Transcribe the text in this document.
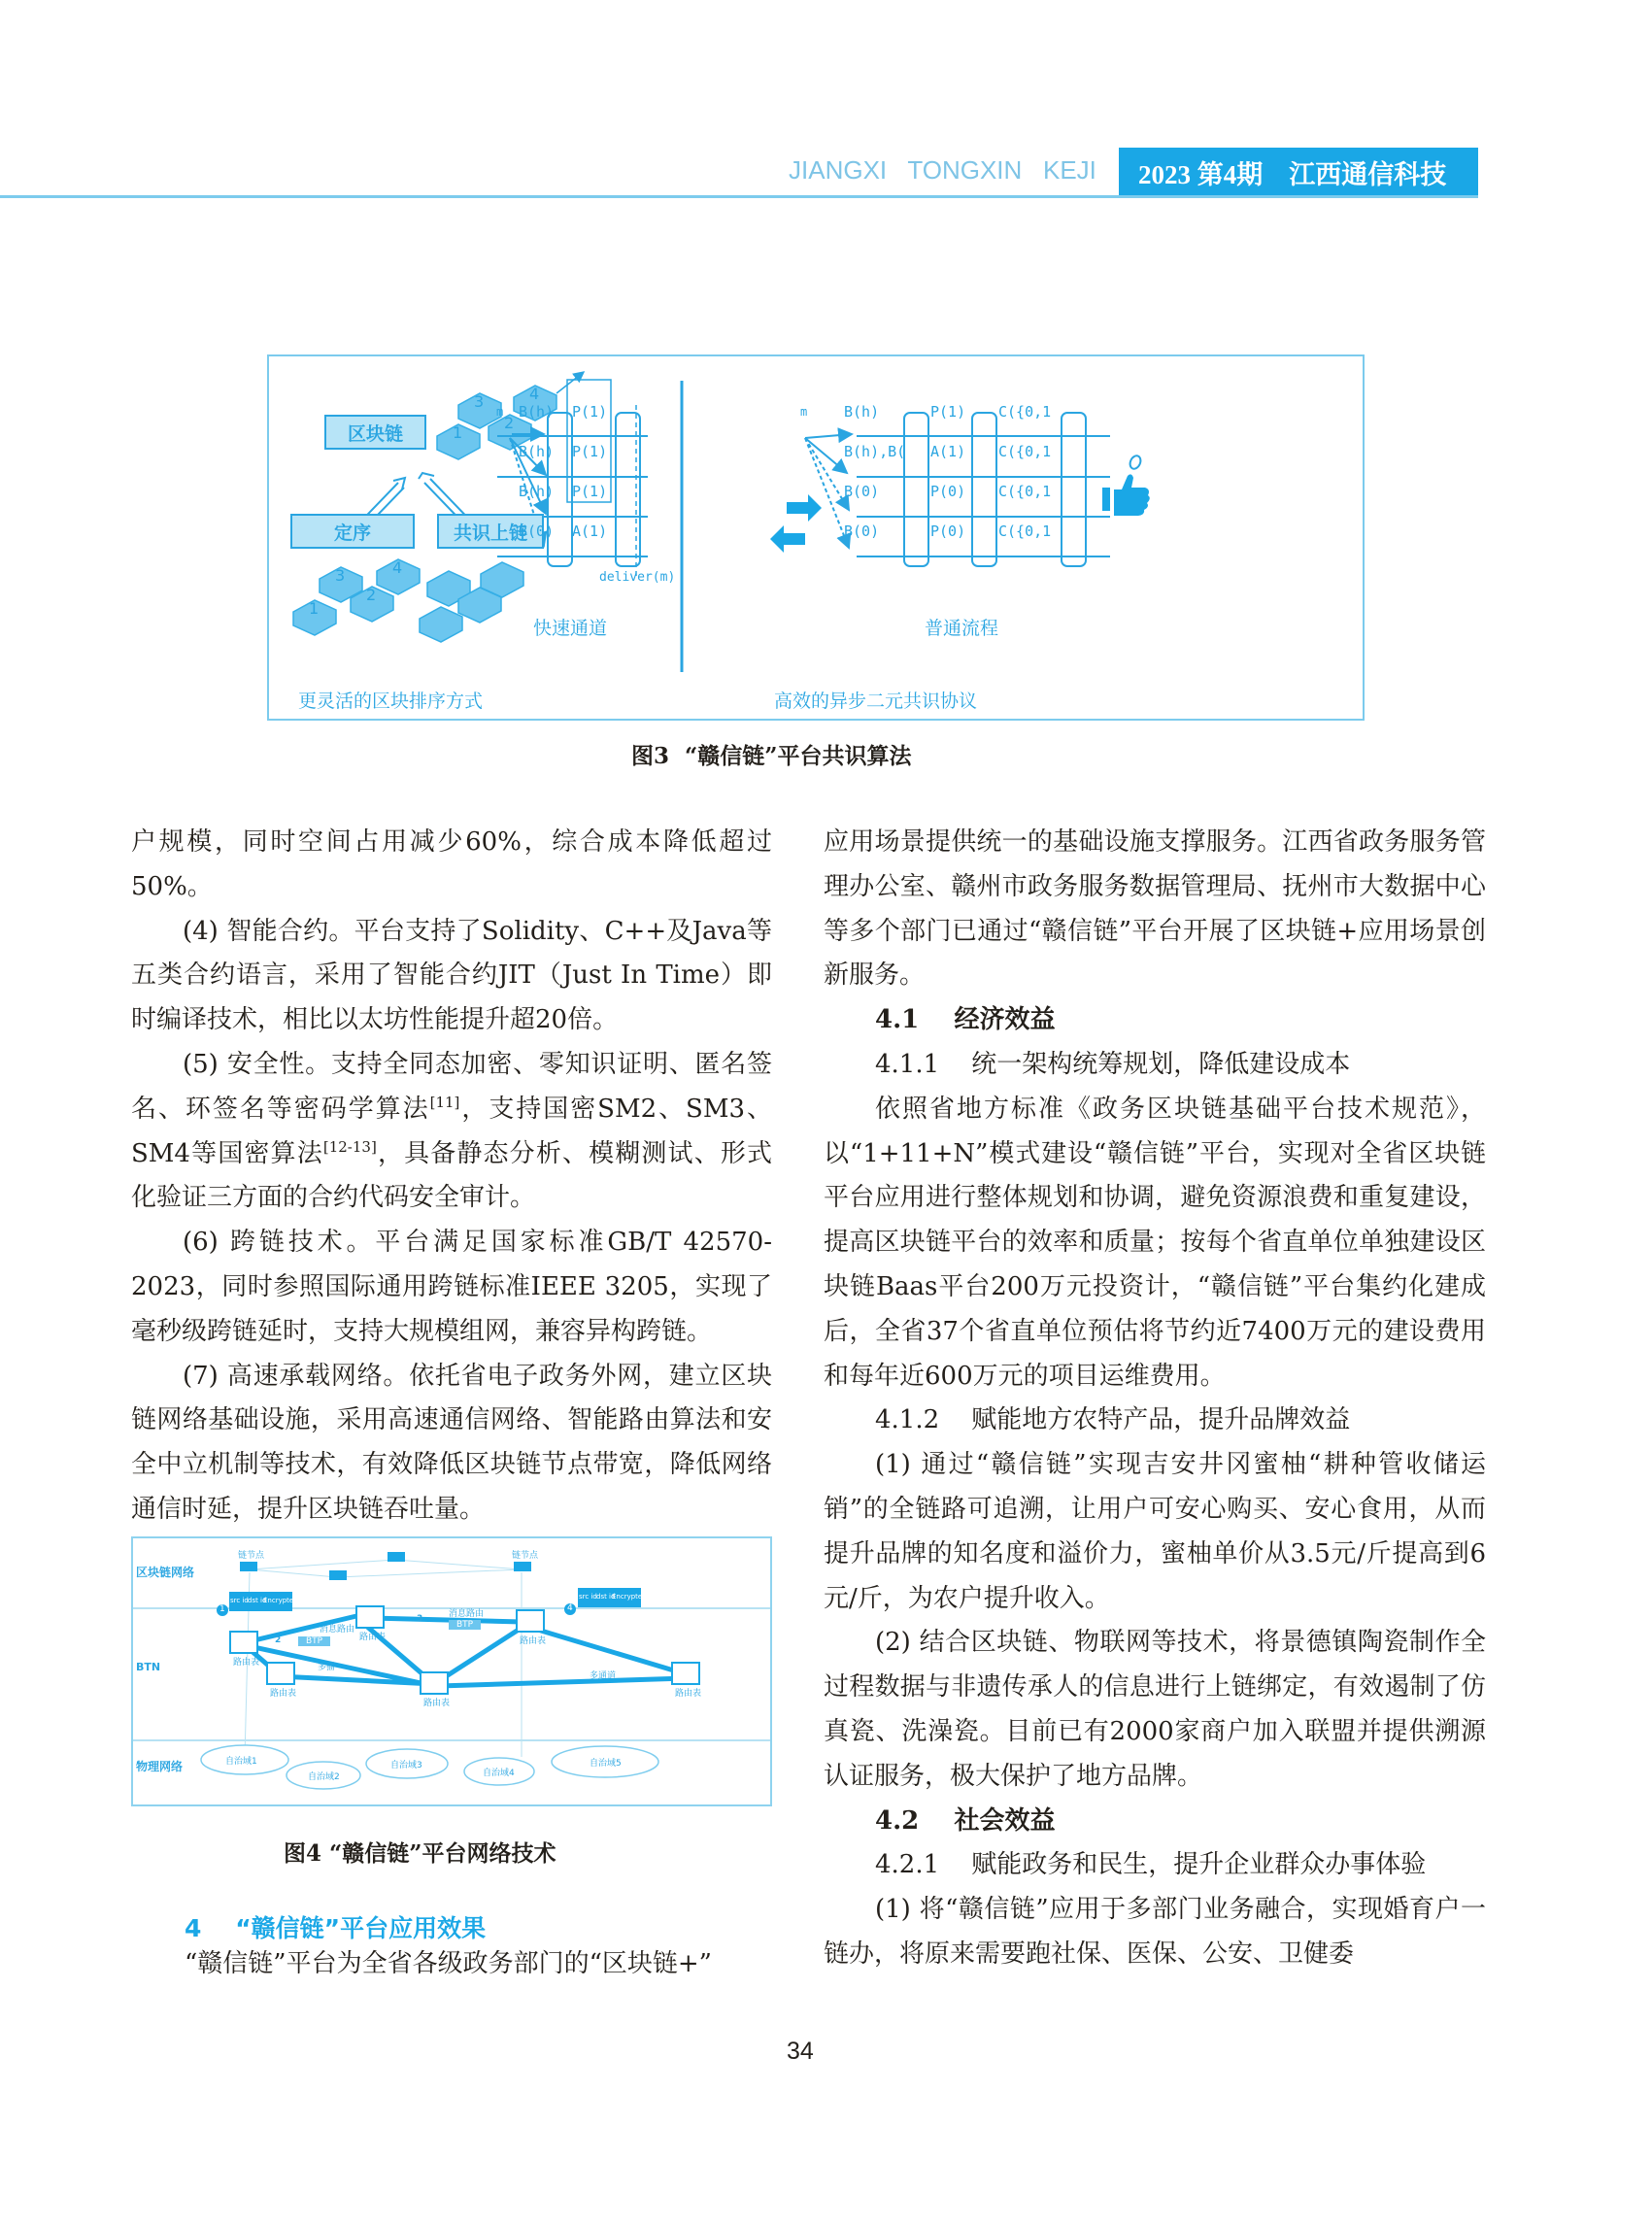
JIANGXI   TONGXIN   KEJI	2023 第4期    江西通信科技
区块链
定序	共识上链
1
3
2
4
1
3
2
4
更灵活的区块排序方式
m B(h)
B(h)
B(h)
B(0)
P(1)
P(1)
P(1)
A(1)
deliver(m)
快速通道
m	B(h)
B(h),B(
B(0)
B(0)
P(1)
A(1)
P(0)
P(0)
C({0,1
C({0,1
C({0,1
C({0,1
普通流程
高效的异步二元共识协议
图3  “赣信链”平台共识算法

户规模，同时空间占用减少60%，综合成本降低超过50%。

(4) 智能合约。平台支持了Solidity、C++及Java等五类合约语言，采用了智能合约JIT（Just In Time）即时编译技术，相比以太坊性能提升超20倍。

(5) 安全性。支持全同态加密、零知识证明、匿名签名、环签名等密码学算法[11]，支持国密SM2、SM3、SM4等国密算法[12-13]，具备静态分析、模糊测试、形式化验证三方面的合约代码安全审计。

(6) 跨链技术。平台满足国家标准GB/T 42570-2023，同时参照国际通用跨链标准IEEE 3205，实现了毫秒级跨链延时，支持大规模组网，兼容异构跨链。

(7) 高速承载网络。依托省电子政务外网，建立区块链网络基础设施，采用高速通信网络、智能路由算法和安全中立机制等技术，有效降低区块链节点带宽，降低网络通信时延，提升区块链吞吐量。

区块链网络
BTN
物理网络
链节点	链节点
src id dst id
Encrypted data	src id dst id
Encrypted data
1
2
3
4
消息路由
消息路由
BTP
BTP
多播
多通道
路由表
路由表
路由表
路由表
路由表
路由表
自治域1
自治域2
自治域3
自治域4
自治域5
图4 “赣信链”平台网络技术
4    “赣信链”平台应用效果

“赣信链”平台为全省各级政务部门的“区块链+”

应用场景提供统一的基础设施支撑服务。江西省政务服务管理办公室、赣州市政务服务数据管理局、抚州市大数据中心等多个部门已通过“赣信链”平台开展了区块链+应用场景创新服务。

4.1    经济效益

4.1.1    统一架构统筹规划，降低建设成本

依照省地方标准《政务区块链基础平台技术规范》，以“1+11+N”模式建设“赣信链”平台，实现对全省区块链平台应用进行整体规划和协调，避免资源浪费和重复建设，提高区块链平台的效率和质量；按每个省直单位单独建设区块链Baas平台200万元投资计，“赣信链”平台集约化建成后，全省37个省直单位预估将节约近7400万元的建设费用和每年近600万元的项目运维费用。

4.1.2    赋能地方农特产品，提升品牌效益

(1) 通过“赣信链”实现吉安井冈蜜柚“耕种管收储运销”的全链路可追溯，让用户可安心购买、安心食用，从而提升品牌的知名度和溢价力，蜜柚单价从3.5元/斤提高到6元/斤，为农户提升收入。

(2) 结合区块链、物联网等技术，将景德镇陶瓷制作全过程数据与非遗传承人的信息进行上链绑定，有效遏制了仿真瓷、洗澡瓷。目前已有2000家商户加入联盟并提供溯源认证服务，极大保护了地方品牌。

4.2    社会效益

4.2.1    赋能政务和民生，提升企业群众办事体验

(1) 将“赣信链”应用于多部门业务融合，实现婚育户一链办，将原来需要跑社保、医保、公安、卫健委

34
